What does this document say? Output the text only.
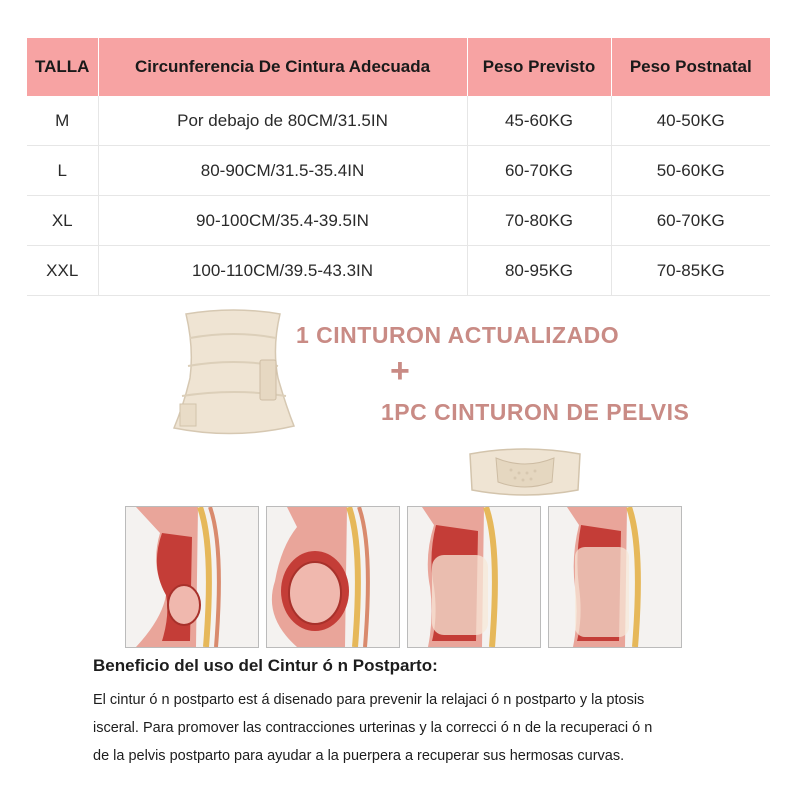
TALLA	Circunferencia De Cintura Adecuada	Peso Previsto	Peso Postnatal
M	Por debajo de 80CM/31.5IN	45-60KG	40-50KG
L	80-90CM/31.5-35.4IN	60-70KG	50-60KG
XL	90-100CM/35.4-39.5IN	70-80KG	60-70KG
XXL	100-110CM/39.5-43.3IN	80-95KG	70-85KG

1 CINTURON ACTUALIZADO

+

1PC CINTURON DE PELVIS

Beneficio del uso del Cintur ó n Postparto:

El cintur ó n postparto est á disenado para prevenir la relajaci ó n postparto y la ptosis
isceral. Para promover las contracciones urterinas y la correcci ó n de la recuperaci ó n
de la pelvis postparto para ayudar a la puerpera a recuperar sus hermosas curvas.
